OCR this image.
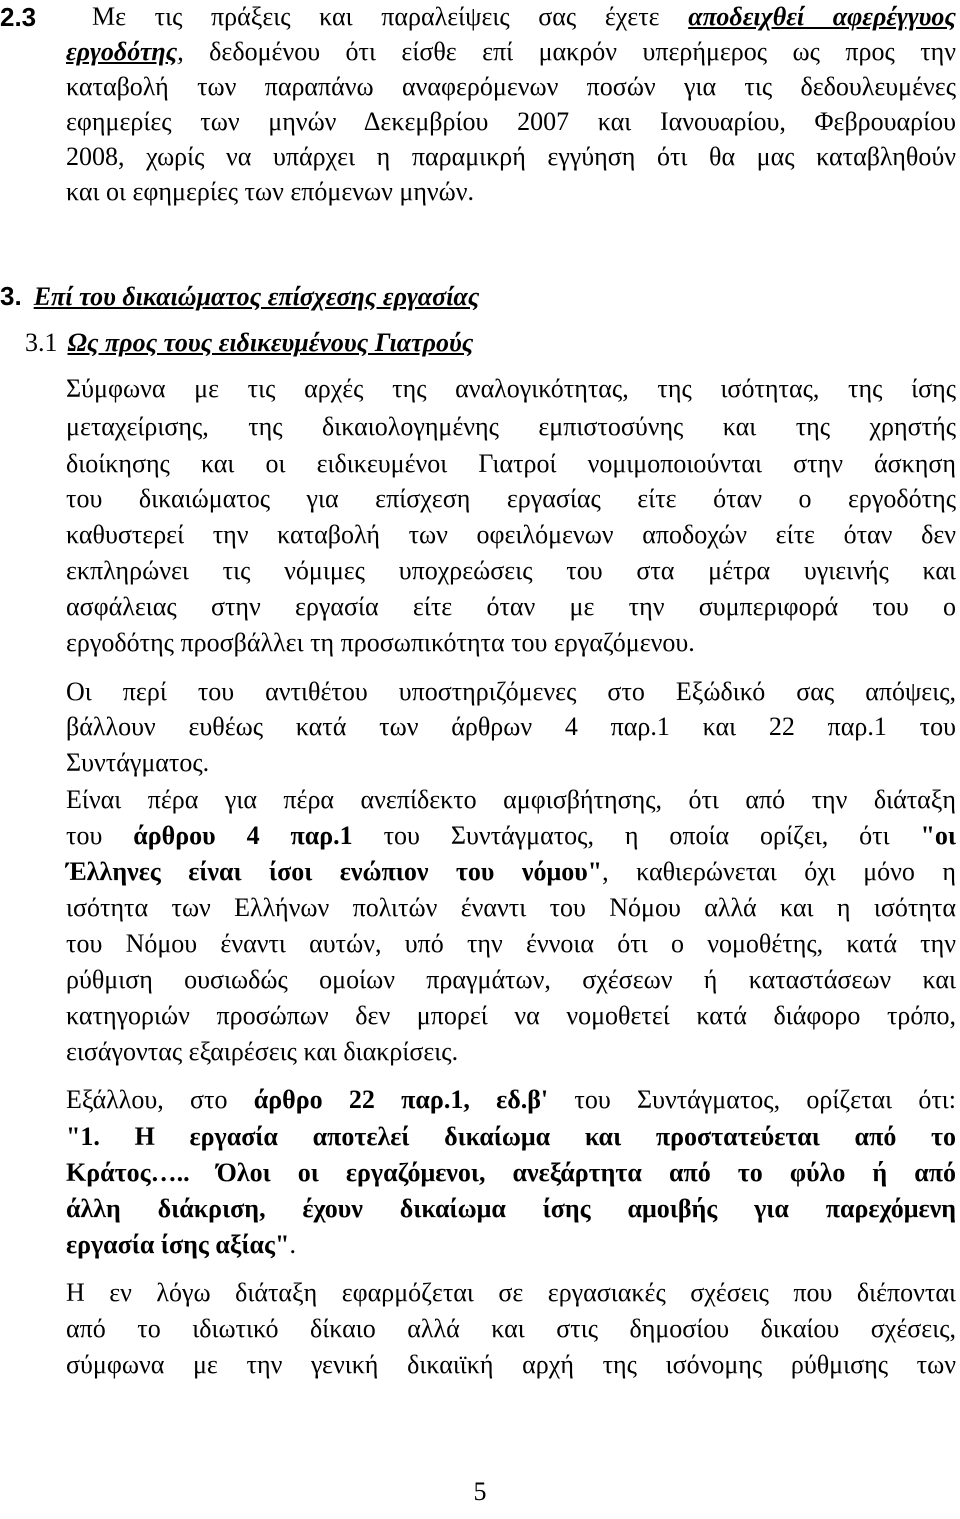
2.3 Με τις πράξεις και παραλείψεις σας έχετε αποδειχθεί αφερέγγυος
εργοδότης, δεδομένου ότι είσθε επί μακρόν υπερήμερος ως προς την
καταβολή των παραπάνω αναφερόμενων ποσών για τις δεδουλευμένες
εφημερίες των μηνών Δεκεμβρίου 2007 και Ιανουαρίου, Φεβρουαρίου
2008, χωρίς να υπάρχει η παραμικρή εγγύηση ότι θα μας καταβληθούν
και οι εφημερίες των επόμενων μηνών.
3. Επί του δικαιώματος επίσχεσης εργασίας
3.1 Ως προς τους ειδικευμένους Γιατρούς
Σύμφωνα με τις αρχές της αναλογικότητας, της ισότητας, της ίσης
μεταχείρισης, της δικαιολογημένης εμπιστοσύνης και της χρηστής
διοίκησης και οι ειδικευμένοι Γιατροί νομιμοποιούνται στην άσκηση
του δικαιώματος για επίσχεση εργασίας είτε όταν ο εργοδότης
καθυστερεί την καταβολή των οφειλόμενων αποδοχών είτε όταν δεν
εκπληρώνει τις νόμιμες υποχρεώσεις του στα μέτρα υγιεινής και
ασφάλειας στην εργασία είτε όταν με την συμπεριφορά του ο
εργοδότης προσβάλλει τη προσωπικότητα του εργαζόμενου.
Οι περί του αντιθέτου υποστηριζόμενες στο Εξώδικό σας απόψεις,
βάλλουν ευθέως κατά των άρθρων 4 παρ.1 και 22 παρ.1 του
Συντάγματος.
Είναι πέρα για πέρα ανεπίδεκτο αμφισβήτησης, ότι από την διάταξη
του άρθρου 4 παρ.1 του Συντάγματος, η οποία ορίζει, ότι "οι
Έλληνες είναι ίσοι ενώπιον του νόμου", καθιερώνεται όχι μόνο η
ισότητα των Ελλήνων πολιτών έναντι του Νόμου αλλά και η ισότητα
του Νόμου έναντι αυτών, υπό την έννοια ότι ο νομοθέτης, κατά την
ρύθμιση ουσιωδώς ομοίων πραγμάτων, σχέσεων ή καταστάσεων και
κατηγοριών προσώπων δεν μπορεί να νομοθετεί κατά διάφορο τρόπο,
εισάγοντας εξαιρέσεις και διακρίσεις.
Εξάλλου, στο άρθρο 22 παρ.1, εδ.β' του Συντάγματος, ορίζεται ότι:
"1. Η εργασία αποτελεί δικαίωμα και προστατεύεται από το
Κράτος….. Όλοι οι εργαζόμενοι, ανεξάρτητα από το φύλο ή από
άλλη διάκριση, έχουν δικαίωμα ίσης αμοιβής για παρεχόμενη
εργασία ίσης αξίας".
Η εν λόγω διάταξη εφαρμόζεται σε εργασιακές σχέσεις που διέπονται
από το ιδιωτικό δίκαιο αλλά και στις δημοσίου δικαίου σχέσεις,
σύμφωνα με την γενική δικαιϊκή αρχή της ισόνομης ρύθμισης των
5
